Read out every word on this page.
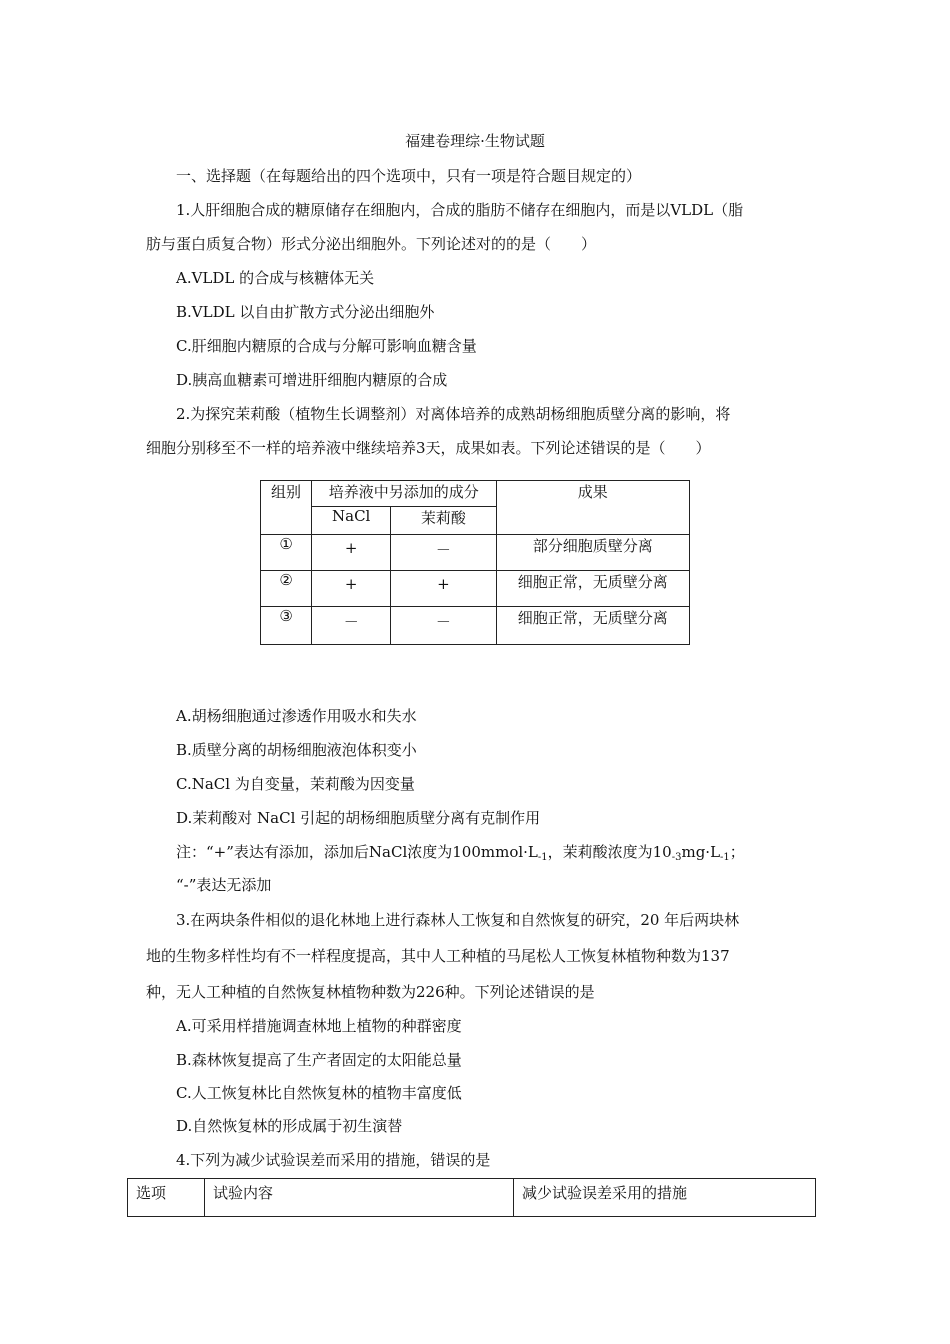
福建卷理综·生物试题
一、选择题（在每题给出的四个选项中，只有一项是符合题目规定的）
1.人肝细胞合成的糖原储存在细胞内，合成的脂肪不储存在细胞内，而是以VLDL（脂
肪与蛋白质复合物）形式分泌出细胞外。下列论述对的的是（　　）
A.VLDL 的合成与核糖体无关
B.VLDL 以自由扩散方式分泌出细胞外
C.肝细胞内糖原的合成与分解可影响血糖含量
D.胰高血糖素可增进肝细胞内糖原的合成
2.为探究茉莉酸（植物生长调整剂）对离体培养的成熟胡杨细胞质壁分离的影响，将
细胞分别移至不一样的培养液中继续培养3天，成果如表。下列论述错误的是（　　）
组别	培养液中另添加的成分		成果
	NaCl	茉莉酸	
①	+	－	部分细胞质壁分离
②	+	+	细胞正常，无质壁分离
③	－	－	细胞正常，无质壁分离
A.胡杨细胞通过渗透作用吸水和失水
B.质壁分离的胡杨细胞液泡体积变小
C.NaCl 为自变量，茉莉酸为因变量
D.茉莉酸对 NaCl 引起的胡杨细胞质壁分离有克制作用
注：“+”表达有添加，添加后NaCl浓度为$100mmol\cdot L_{-1}$，茉莉酸浓度为$10_{-3}mg\cdot L_{-1}$；
“-”表达无添加
3.在两块条件相似的退化林地上进行森林人工恢复和自然恢复的研究，20 年后两块林
地的生物多样性均有不一样程度提高，其中人工种植的马尾松人工恢复林植物种数为137
种，无人工种植的自然恢复林植物种数为226种。下列论述错误的是
A.可采用样措施调查林地上植物的种群密度
B.森林恢复提高了生产者固定的太阳能总量
C.人工恢复林比自然恢复林的植物丰富度低
D.自然恢复林的形成属于初生演替
4.下列为减少试验误差而采用的措施，错误的是
选项	试验内容	减少试验误差采用的措施
